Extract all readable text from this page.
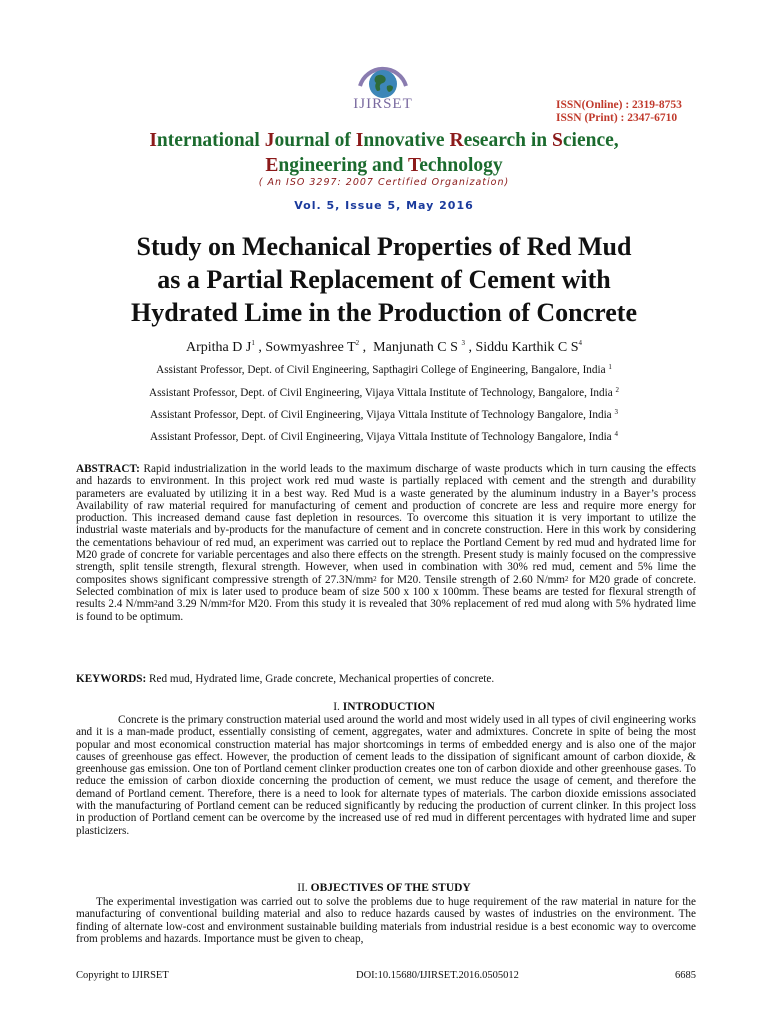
IJIRSET	ISSN(Online) : 2319-8753
ISSN (Print) : 2347-6710
International Journal of Innovative Research in Science,
Engineering and Technology
( An ISO 3297: 2007 Certified Organization)
Vol. 5, Issue 5, May 2016
Study on Mechanical Properties of Red Mud
as a Partial Replacement of Cement with
Hydrated Lime in the Production of Concrete
Arpitha D $J^1$ , Sowmyashree $T^2$ ,  Manjunath C S $^3$ , Siddu Karthik C $S^4$
Assistant Professor, Dept. of Civil Engineering, Sapthagiri College of Engineering, Bangalore, India $^1$
Assistant Professor, Dept. of Civil Engineering, Vijaya Vittala Institute of Technology, Bangalore, India $^2$
Assistant Professor, Dept. of Civil Engineering, Vijaya Vittala Institute of Technology Bangalore, India $^3$
Assistant Professor, Dept. of Civil Engineering, Vijaya Vittala Institute of Technology Bangalore, India $^4$

ABSTRACT: Rapid industrialization in the world leads to the maximum discharge of waste products which in turn causing the effects and hazards to environment. In this project work red mud waste is partially replaced with cement and the strength and durability parameters are evaluated by utilizing it in a best way. Red Mud is a waste generated by the aluminum industry in a Bayer’s process Availability of raw material required for manufacturing of cement and production of concrete are less and require more energy for production. This increased demand cause fast depletion in resources. To overcome this situation it is very important to utilize the industrial waste materials and by-products for the manufacture of cement and in concrete construction. Here in this work by considering the cementations behaviour of red mud, an experiment was carried out to replace the Portland Cement by red mud and hydrated lime for M20 grade of concrete for variable percentages and also there effects on the strength. Present study is mainly focused on the compressive strength, split tensile strength, flexural strength. However, when used in combination with 30% red mud, cement and 5% lime the composites shows significant compressive strength of $27.3N/mm^2$ for M20. Tensile strength of 2.60 $N/mm^2$ for M20 grade of concrete. Selected combination of mix is later used to produce beam of size 500 x 100 x 100mm. These beams are tested for flexural strength of results 2.4 $N/mm^2and$ 3.29 $N/mm^2for$ M20. From this study it is revealed that 30% replacement of red mud along with 5% hydrated lime is found to be optimum.

KEYWORDS: Red mud, Hydrated lime, Grade concrete, Mechanical properties of concrete.

I. INTRODUCTION

Concrete is the primary construction material used around the world and most widely used in all types of civil engineering works and it is a man-made product, essentially consisting of cement, aggregates, water and admixtures. Concrete in spite of being the most popular and most economical construction material has major shortcomings in terms of embedded energy and is also one of the major causes of greenhouse gas effect. However, the production of cement leads to the dissipation of significant amount of carbon dioxide, & greenhouse gas emission. One ton of Portland cement clinker production creates one ton of carbon dioxide and other greenhouse gases. To reduce the emission of carbon dioxide concerning the production of cement, we must reduce the usage of cement, and therefore the demand of Portland cement. Therefore, there is a need to look for alternate types of materials. The carbon dioxide emissions associated with the manufacturing of Portland cement can be reduced significantly by reducing the production of current clinker. In this project loss in production of Portland cement can be overcome by the increased use of red mud in different percentages with hydrated lime and super plasticizers.

II. OBJECTIVES OF THE STUDY

The experimental investigation was carried out to solve the problems due to huge requirement of the raw material in nature for the manufacturing of conventional building material and also to reduce hazards caused by wastes of industries on the environment. The finding of alternate low-cost and environment sustainable building materials from industrial residue is a best economic way to overcome from problems and hazards. Importance must be given to cheap,

Copyright to IJIRSET	DOI:10.15680/IJIRSET.2016.0505012	6685
